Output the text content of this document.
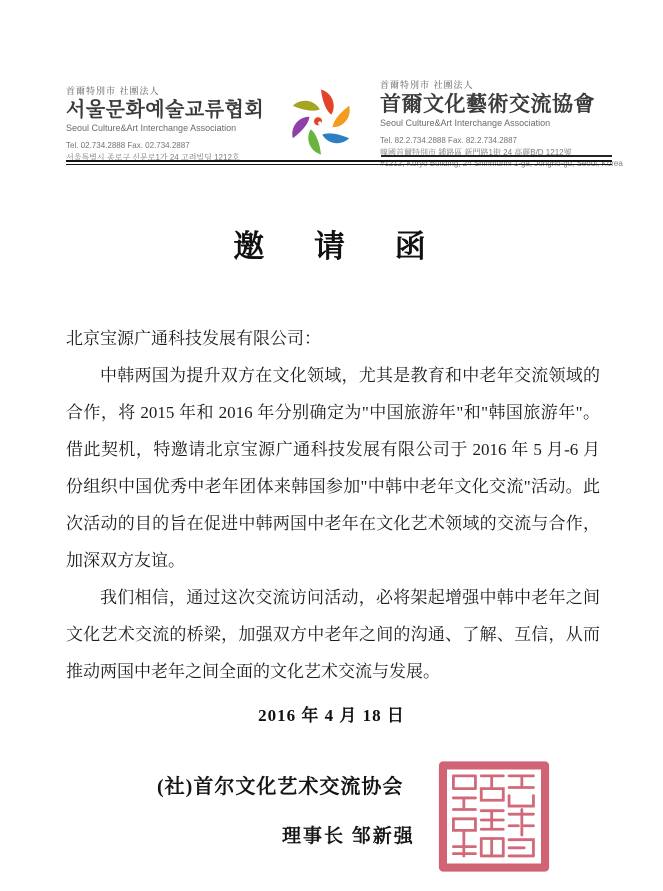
首爾特別市 社團法人
서울문화예술교류협회
Seoul Culture&Art Interchange Association
Tel. 02.734.2888 Fax. 02.734.2887
서울특별시 종로구 신문로1가 24 고려빌딩 1212호
首爾特別市 社團法人
首爾文化藝術交流協會
Seoul Culture&Art Interchange Association
Tel. 82.2.734.2888 Fax. 82.2.734.2887
韓國首爾特別市 鍾路區 新門路1街 24 高麗B/D 1212號
#1212, Koryo Building, 24 Shinmunni 1-ga, Jongno-gu, Seoul, Korea
邀 请 函

北京宝源广通科技发展有限公司：

中韩两国为提升双方在文化领域，尤其是教育和中老年交流领域的合作，将 2015 年和 2016 年分别确定为"中国旅游年"和"韩国旅游年"。借此契机，特邀请北京宝源广通科技发展有限公司于 2016 年 5 月-6 月份组织中国优秀中老年团体来韩国参加"中韩中老年文化交流"活动。此次活动的目的旨在促进中韩两国中老年在文化艺术领域的交流与合作，加深双方友谊。

我们相信，通过这次交流访问活动，必将架起增强中韩中老年之间文化艺术交流的桥梁，加强双方中老年之间的沟通、了解、互信，从而推动两国中老年之间全面的文化艺术交流与发展。

2016 年 4 月 18 日
(社)首尔文化艺术交流协会
理事长 邹新强
